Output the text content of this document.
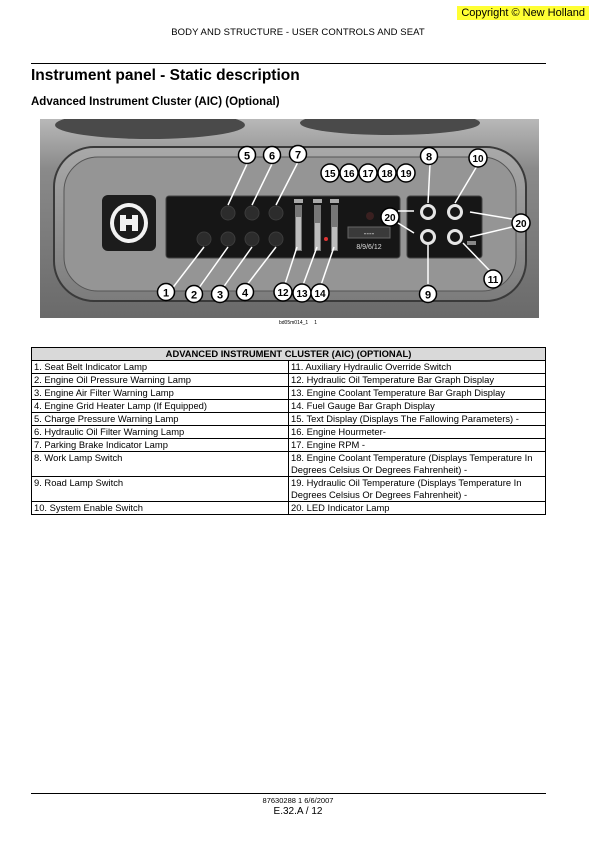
Copyright © New Holland
BODY AND STRUCTURE - USER CONTROLS AND SEAT
Instrument panel - Static description
Advanced Instrument Cluster (AIC) (Optional)
----
8/9/6/12
1 2 3 4
5 6 7	8
9
10
11
12 13 14
15 16 17 18 19
20
20
bd05m014_1 1
ADVANCED INSTRUMENT CLUSTER (AIC) (OPTIONAL)	
1. Seat Belt Indicator Lamp	11. Auxiliary Hydraulic Override Switch
2. Engine Oil Pressure Warning Lamp	12. Hydraulic Oil Temperature Bar Graph Display
3. Engine Air Filter Warning Lamp	13. Engine Coolant Temperature Bar Graph Display
4. Engine Grid Heater Lamp (If Equipped)	14. Fuel Gauge Bar Graph Display
5. Charge Pressure Warning Lamp	15. Text Display (Displays The Fallowing Parameters) -
6. Hydraulic Oil Filter Warning Lamp	16. Engine Hourmeter-
7. Parking Brake Indicator Lamp	17. Engine RPM -
8. Work Lamp Switch	18. Engine Coolant Temperature (Displays Temperature In Degrees Celsius Or Degrees Fahrenheit) -
9. Road Lamp Switch	19. Hydraulic Oil Temperature (Displays Temperature In Degrees Celsius Or Degrees Fahrenheit) -
10. System Enable Switch	20. LED Indicator Lamp
87630288 1 6/6/2007
E.32.A / 12
